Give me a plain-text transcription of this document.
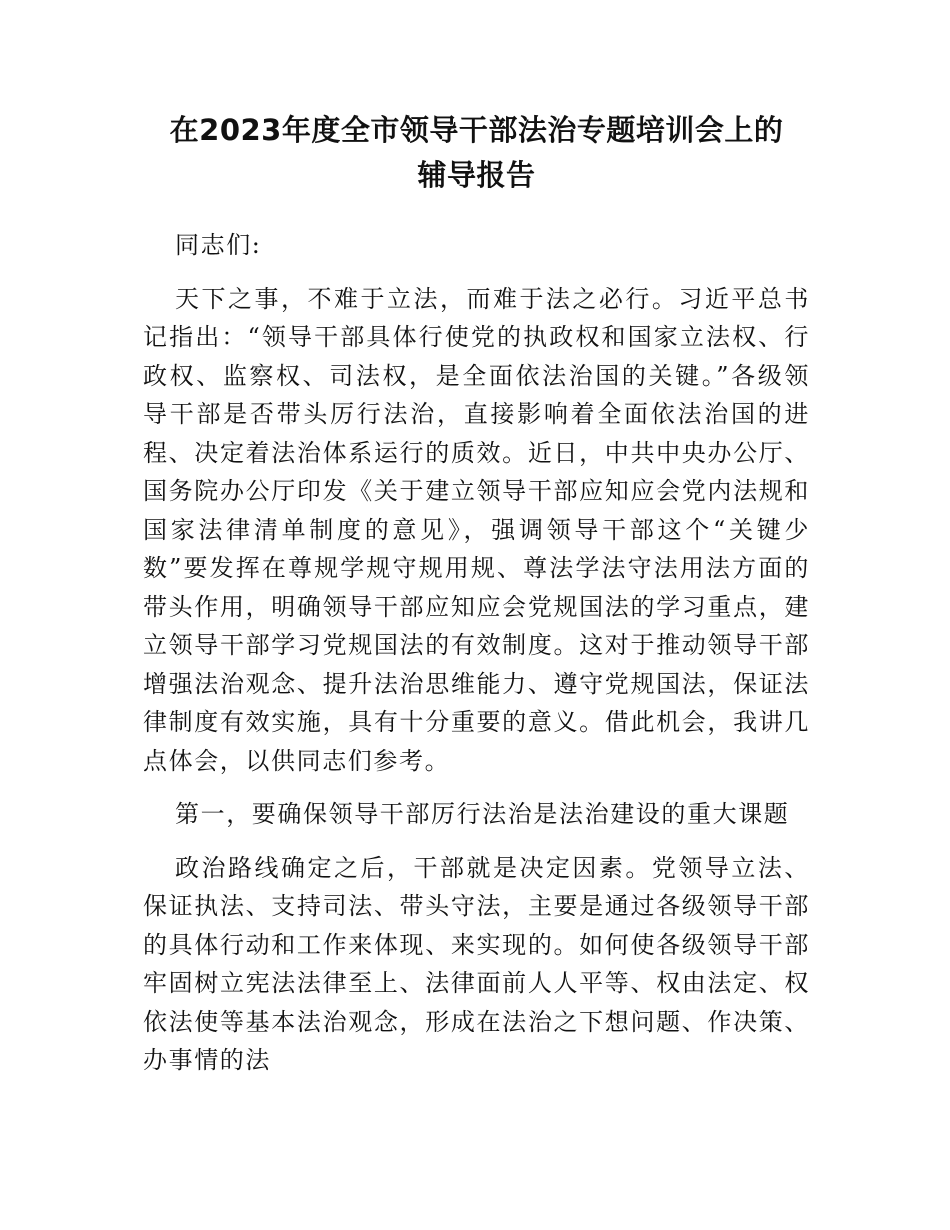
在2023年度全市领导干部法治专题培训会上的
辅导报告

同志们:

天下之事，不难于立法，而难于法之必行。习近平总书记指出：“领导干部具体行使党的执政权和国家立法权、行政权、监察权、司法权，是全面依法治国的关键。”各级领导干部是否带头厉行法治，直接影响着全面依法治国的进程、决定着法治体系运行的质效。近日，中共中央办公厅、国务院办公厅印发《关于建立领导干部应知应会党内法规和国家法律清单制度的意见》，强调领导干部这个“关键少数”要发挥在尊规学规守规用规、尊法学法守法用法方面的带头作用，明确领导干部应知应会党规国法的学习重点，建立领导干部学习党规国法的有效制度。这对于推动领导干部增强法治观念、提升法治思维能力、遵守党规国法，保证法律制度有效实施，具有十分重要的意义。借此机会，我讲几点体会，以供同志们参考。

第一，要确保领导干部厉行法治是法治建设的重大课题

政治路线确定之后，干部就是决定因素。党领导立法、保证执法、支持司法、带头守法，主要是通过各级领导干部的具体行动和工作来体现、来实现的。如何使各级领导干部牢固树立宪法法律至上、法律面前人人平等、权由法定、权依法使等基本法治观念，形成在法治之下想问题、作决策、办事情的法
